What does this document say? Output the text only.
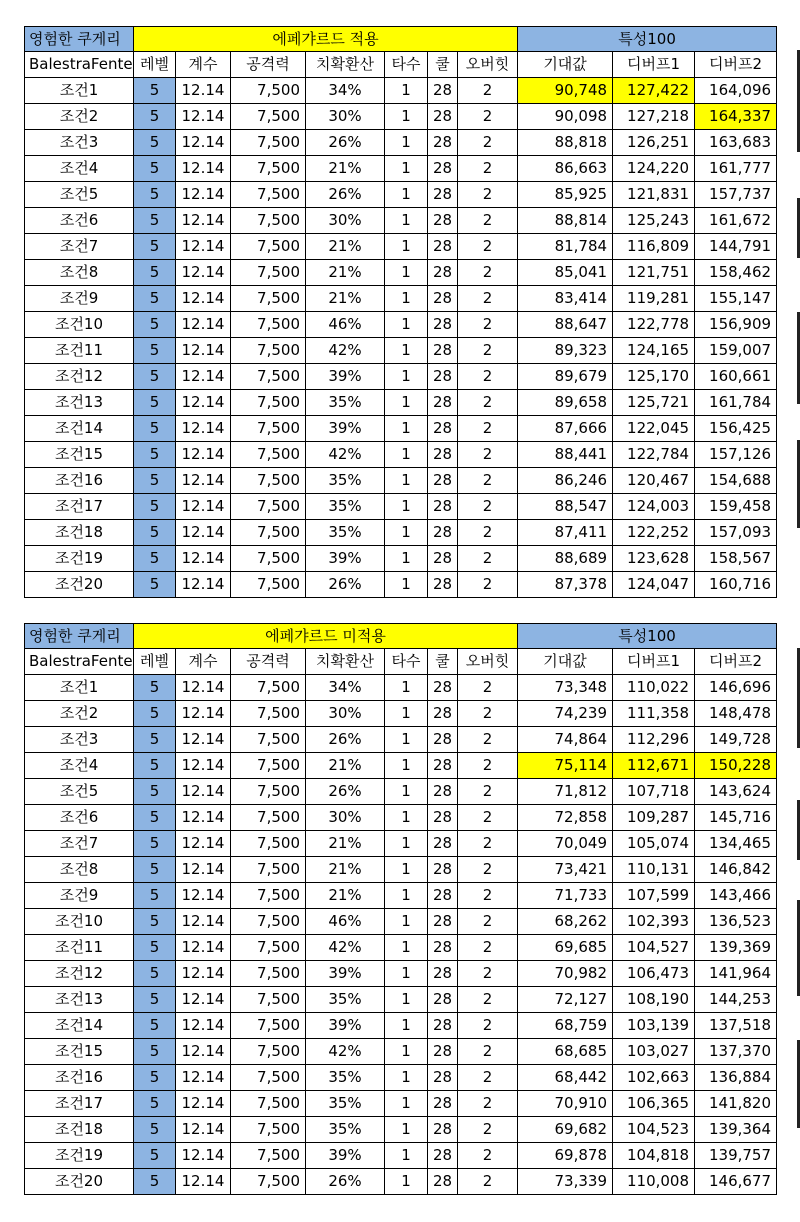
영험한 쿠게리	에페갸르드 적용							특성100		
BalestraFente	레벨	계수	공격력	치확환산	타수	쿨	오버힛	기대값	디버프1	디버프2
조건1	5	12.14	7,500	34%	1	28	2	90,748	127,422	164,096
조건2	5	12.14	7,500	30%	1	28	2	90,098	127,218	164,337
조건3	5	12.14	7,500	26%	1	28	2	88,818	126,251	163,683
조건4	5	12.14	7,500	21%	1	28	2	86,663	124,220	161,777
조건5	5	12.14	7,500	26%	1	28	2	85,925	121,831	157,737
조건6	5	12.14	7,500	30%	1	28	2	88,814	125,243	161,672
조건7	5	12.14	7,500	21%	1	28	2	81,784	116,809	144,791
조건8	5	12.14	7,500	21%	1	28	2	85,041	121,751	158,462
조건9	5	12.14	7,500	21%	1	28	2	83,414	119,281	155,147
조건10	5	12.14	7,500	46%	1	28	2	88,647	122,778	156,909
조건11	5	12.14	7,500	42%	1	28	2	89,323	124,165	159,007
조건12	5	12.14	7,500	39%	1	28	2	89,679	125,170	160,661
조건13	5	12.14	7,500	35%	1	28	2	89,658	125,721	161,784
조건14	5	12.14	7,500	39%	1	28	2	87,666	122,045	156,425
조건15	5	12.14	7,500	42%	1	28	2	88,441	122,784	157,126
조건16	5	12.14	7,500	35%	1	28	2	86,246	120,467	154,688
조건17	5	12.14	7,500	35%	1	28	2	88,547	124,003	159,458
조건18	5	12.14	7,500	35%	1	28	2	87,411	122,252	157,093
조건19	5	12.14	7,500	39%	1	28	2	88,689	123,628	158,567
조건20	5	12.14	7,500	26%	1	28	2	87,378	124,047	160,716
영험한 쿠게리	에페갸르드 미적용							특성100		
BalestraFente	레벨	계수	공격력	치확환산	타수	쿨	오버힛	기대값	디버프1	디버프2
조건1	5	12.14	7,500	34%	1	28	2	73,348	110,022	146,696
조건2	5	12.14	7,500	30%	1	28	2	74,239	111,358	148,478
조건3	5	12.14	7,500	26%	1	28	2	74,864	112,296	149,728
조건4	5	12.14	7,500	21%	1	28	2	75,114	112,671	150,228
조건5	5	12.14	7,500	26%	1	28	2	71,812	107,718	143,624
조건6	5	12.14	7,500	30%	1	28	2	72,858	109,287	145,716
조건7	5	12.14	7,500	21%	1	28	2	70,049	105,074	134,465
조건8	5	12.14	7,500	21%	1	28	2	73,421	110,131	146,842
조건9	5	12.14	7,500	21%	1	28	2	71,733	107,599	143,466
조건10	5	12.14	7,500	46%	1	28	2	68,262	102,393	136,523
조건11	5	12.14	7,500	42%	1	28	2	69,685	104,527	139,369
조건12	5	12.14	7,500	39%	1	28	2	70,982	106,473	141,964
조건13	5	12.14	7,500	35%	1	28	2	72,127	108,190	144,253
조건14	5	12.14	7,500	39%	1	28	2	68,759	103,139	137,518
조건15	5	12.14	7,500	42%	1	28	2	68,685	103,027	137,370
조건16	5	12.14	7,500	35%	1	28	2	68,442	102,663	136,884
조건17	5	12.14	7,500	35%	1	28	2	70,910	106,365	141,820
조건18	5	12.14	7,500	35%	1	28	2	69,682	104,523	139,364
조건19	5	12.14	7,500	39%	1	28	2	69,878	104,818	139,757
조건20	5	12.14	7,500	26%	1	28	2	73,339	110,008	146,677
